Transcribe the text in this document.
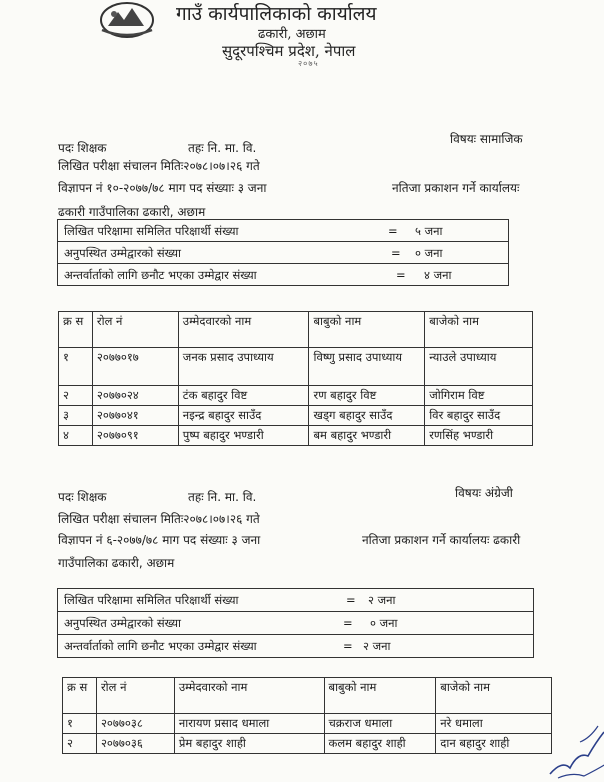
गाउँ कार्यपालिकाको कार्यालय
ढकारी, अछाम
सुदूरपश्चिम प्रदेश, नेपाल
२०७५
पदः शिक्षक	तहः नि. मा. वि.
विषयः सामाजिक
लिखित परीक्षा संचालन मितिः२०७८।०७।२६ गते
विज्ञापन नं १०-२०७७/७८ माग पद संख्याः ३ जना	नतिजा प्रकाशन गर्ने कार्यालयः
ढकारी गाउँपालिका ढकारी, अछाम
लिखित परिक्षामा समिलित परिक्षार्थी संख्या	= ५ जना
अनुपस्थित उम्मेद्वारको संख्या	= ० जना
अन्तर्वार्ताको लागि छनौट भएका उम्मेद्वार संख्या	= ४ जना
क्र स	रोल नं	उम्मेदवारको नाम	बाबुको नाम	बाजेको नाम
१	२०७७०१७	जनक प्रसाद उपाध्याय	विष्णु प्रसाद उपाध्याय	न्याउले उपाध्याय
२	२०७७०२४	टंक बहादुर विष्ट	रण बहादुर विष्ट	जोगिराम विष्ट
३	२०७७०४१	नइन्द्र बहादुर साउँद	खड्ग बहादुर साउँद	विर बहादुर साउँद
४	२०७७०९१	पुष्प बहादुर भण्डारी	बम बहादुर भण्डारी	रणसिंह भण्डारी
पदः शिक्षक	तहः नि. मा. वि.	विषयः अंग्रेजी
लिखित परीक्षा संचालन मितिः२०७८।०७।२६ गते
विज्ञापन नं ६-२०७७/७८ माग पद संख्याः ३ जना	नतिजा प्रकाशन गर्ने कार्यालयः ढकारी
गाउँपालिका ढकारी, अछाम
लिखित परिक्षामा समिलित परिक्षार्थी संख्या	= २ जना
अनुपस्थित उम्मेद्वारको संख्या	= ० जना
अन्तर्वार्ताको लागि छनौट भएका उम्मेद्वार संख्या	= २ जना
क्र स	रोल नं	उम्मेदवारको नाम	बाबुको नाम	बाजेको नाम
१	२०७७०३८	नारायण प्रसाद धमाला	चक्रराज धमाला	नरे धमाला
२	२०७७०३६	प्रेम बहादुर शाही	कलम बहादुर शाही	दान बहादुर शाही
